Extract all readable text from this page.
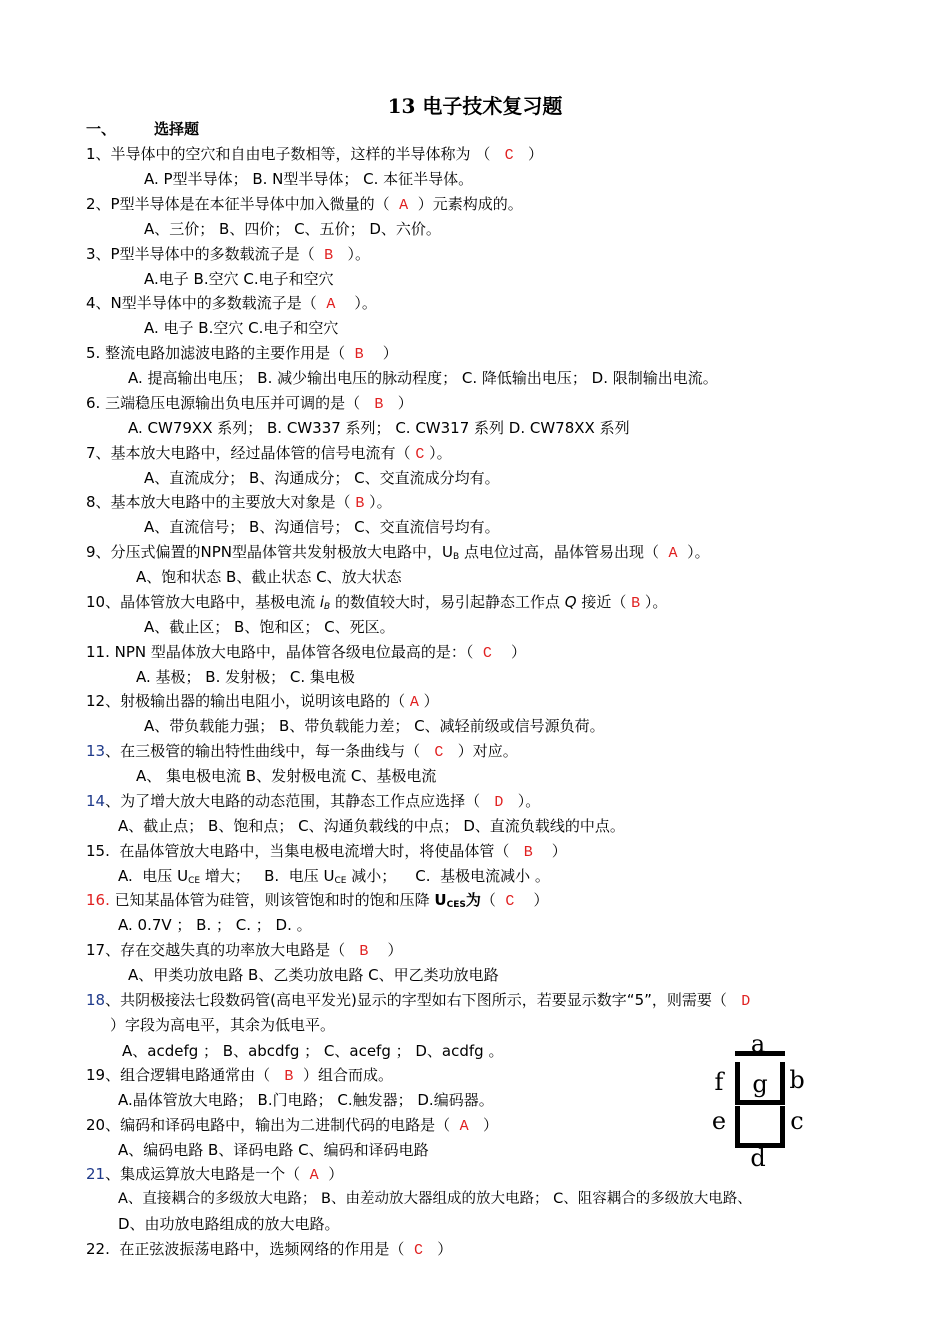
13 电子技术复习题
一、	选择题
1、半导体中的空穴和自由电子数相等，这样的半导体称为 （   C   ）
A. P型半导体； B. N型半导体； C. 本征半导体。
2、P型半导体是在本征半导体中加入微量的（  A  ）元素构成的。
A、三价； B、四价； C、五价； D、六价。
3、P型半导体中的多数载流子是（  B   ）。
A.电子 B.空穴 C.电子和空穴
4、N型半导体中的多数载流子是（  A    ）。
A. 电子 B.空穴 C.电子和空穴
5. 整流电路加滤波电路的主要作用是（  B    ）
A. 提高输出电压； B. 减少输出电压的脉动程度； C. 降低输出电压； D. 限制输出电流。
6. 三端稳压电源输出负电压并可调的是（   B   ）
A. CW79XX 系列； B. CW337 系列； C. CW317 系列 D. CW78XX 系列
7、基本放大电路中，经过晶体管的信号电流有（ C ）。
A、直流成分； B、沟通成分； C、交直流成分均有。
8、基本放大电路中的主要放大对象是（ B ）。
A、直流信号； B、沟通信号； C、交直流信号均有。
9、分压式偏置的NPN型晶体管共发射极放大电路中，$U_B$ 点电位过高，晶体管易出现（  A  ）。
A、饱和状态 B、截止状态 C、放大状态
10、晶体管放大电路中，基极电流 $i_B$ 的数值较大时，易引起静态工作点 Q 接近（ B ）。
A、截止区； B、饱和区； C、死区。
11. NPN 型晶体放大电路中，晶体管各级电位最高的是：（  C    ）
A. 基极； B. 发射极； C. 集电极
12、射极输出器的输出电阻小，说明该电路的（ A ）
A、带负载能力强； B、带负载能力差； C、减轻前级或信号源负荷。
13、在三极管的输出特性曲线中，每一条曲线与（   C   ）对应。
A、 集电极电流 B、发射极电流 C、基极电流
14、为了增大放大电路的动态范围，其静态工作点应选择（   D   ）。
A、截止点； B、饱和点； C、沟通负载线的中点； D、直流负载线的中点。
15.  在晶体管放大电路中，当集电极电流增大时，将使晶体管（   B    ）
A.  电压 $U_{CE}$ 增大；   B.  电压 $U_{CE}$ 减小；    C.  基极电流减小 。
16. 已知某晶体管为硅管，则该管饱和时的饱和压降 $U_{CES}$为（  C    ）
A. 0.7V ； B. ； C. ； D. 。
17、存在交越失真的功率放大电路是（   B    ）
A、甲类功放电路 B、乙类功放电路 C、甲乙类功放电路
18、共阴极接法七段数码管(高电平发光)显示的字型如右下图所示，若要显示数字“5”，则需要（   D
）字段为高电平，其余为低电平。
A、acdefg ； B、abcdfg ； C、acefg ； D、acdfg 。
19、组合逻辑电路通常由（   B  ）组合而成。
A.晶体管放大电路； B.门电路； C.触发器； D.编码器。
20、编码和译码电路中，输出为二进制代码的电路是（  A   ）
A、编码电路 B、译码电路 C、编码和译码电路
21、集成运算放大电路是一个（  A  ）
A、直接耦合的多级放大电路； B、由差动放大器组成的放大电路； C、阻容耦合的多级放大电路、
D、由功放电路组成的放大电路。
22.  在正弦波振荡电路中，选频网络的作用是（  C   ）
a
f g b
e	c
d
